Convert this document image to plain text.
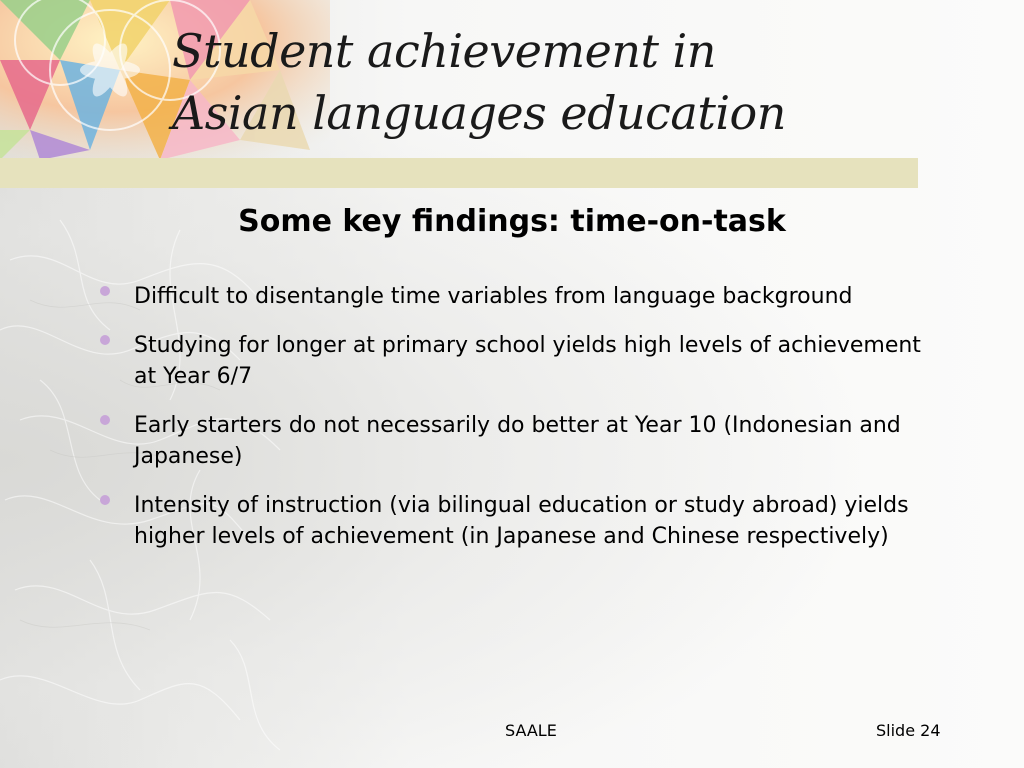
Student achievement in
Asian languages education
Some key findings: time-on-task
Difficult to disentangle time variables from language background
Studying for longer at primary school yields high levels of achievement at Year 6/7
Early starters do not necessarily do better at Year 10 (Indonesian and Japanese)
Intensity of instruction (via bilingual education or study abroad) yields higher levels of achievement (in Japanese and Chinese respectively)
SAALE	Slide 24
